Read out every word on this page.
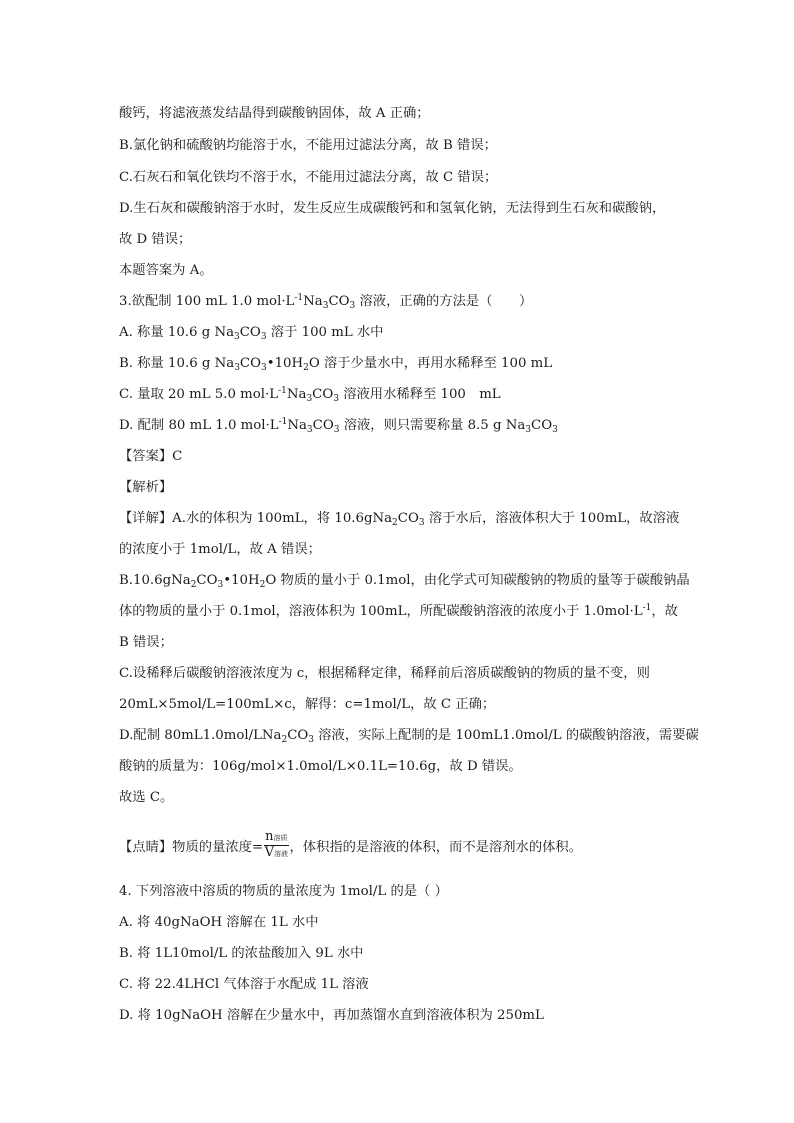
酸钙，将滤液蒸发结晶得到碳酸钠固体，故 A 正确；
B.氯化钠和硫酸钠均能溶于水，不能用过滤法分离，故 B 错误；
C.石灰石和氧化铁均不溶于水，不能用过滤法分离，故 C 错误；
D.生石灰和碳酸钠溶于水时，发生反应生成碳酸钙和和氢氧化钠，无法得到生石灰和碳酸钠，
故 D 错误；
本题答案为 A。
3.欲配制 100 mL 1.0 $mol\cdot L^{-1}Na_3CO_3$ 溶液，正确的方法是（　　）
A. 称量 10.6 g $Na_3CO_3$ 溶于 100 mL 水中
B. 称量 10.6 g $Na_3CO_3•10H_2O$ 溶于少量水中，再用水稀释至 100 mL
C. 量取 20 mL 5.0 $mol\cdot L^{-1}Na_3CO_3$ 溶液用水稀释至 100　mL
D. 配制 80 mL 1.0 $mol\cdot L^{-1}Na_3CO_3$ 溶液，则只需要称量 8.5 g $Na_3CO_3$
【答案】C
【解析】
【详解】A.水的体积为 100mL，将 $10.6gNa_2CO_3$ 溶于水后，溶液体积大于 100mL，故溶液
的浓度小于 1mol/L，故 A 错误；
$B.10.6gNa_2CO_3•10H_2O$ 物质的量小于 0.1mol，由化学式可知碳酸钠的物质的量等于碳酸钠晶
体的物质的量小于 0.1mol，溶液体积为 100mL，所配碳酸钠溶液的浓度小于 $1.0mol\cdot L^{-1}$，故
B 错误；
C.设稀释后碳酸钠溶液浓度为 c，根据稀释定律，稀释前后溶质碳酸钠的物质的量不变，则
20mL×5mol/L=100mL×c，解得：c=1mol/L，故 C 正确；
D.配制 $80mL1.0mol/LNa_2CO_3$ 溶液，实际上配制的是 100mL1.0mol/L 的碳酸钠溶液，需要碳
酸钠的质量为：106g/mol×1.0mol/L×0.1L=10.6g，故 D 错误。
故选 C。
【点睛】物质的量浓度= $\frac{\text{n溶质}}{\text{V溶液}}$ ，体积指的是溶液的体积，而不是溶剂水的体积。
4. 下列溶液中溶质的物质的量浓度为 1mol/L 的是（ ）
A. 将 40gNaOH 溶解在 1L 水中
B. 将 1L10mol/L 的浓盐酸加入 9L 水中
C. 将 22.4LHCl 气体溶于水配成 1L 溶液
D. 将 10gNaOH 溶解在少量水中，再加蒸馏水直到溶液体积为 250mL
